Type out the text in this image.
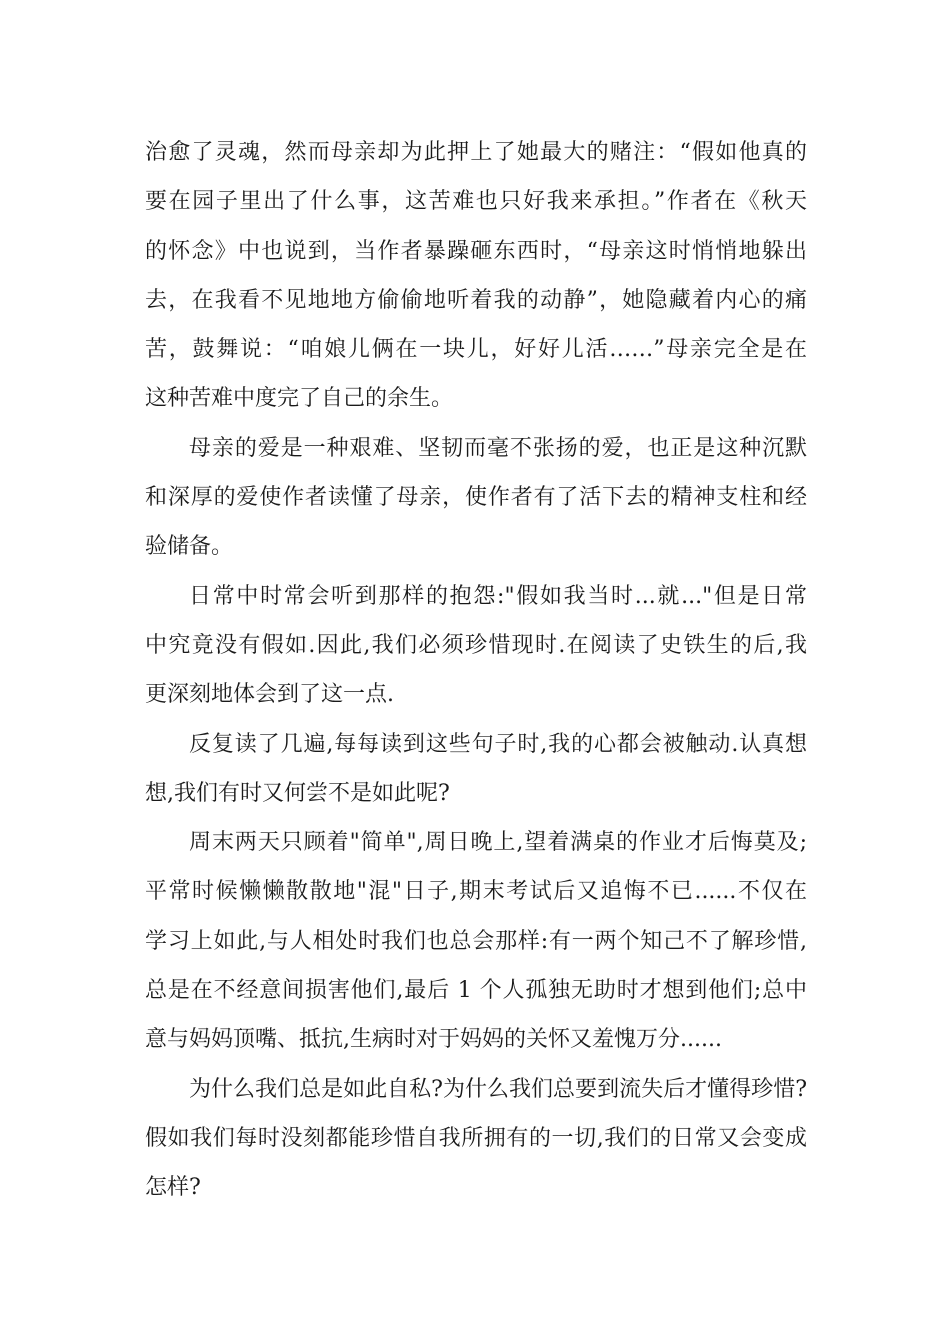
治愈了灵魂，然而母亲却为此押上了她最大的赌注：“假如他真的
要在园子里出了什么事，这苦难也只好我来承担。”作者在《秋天
的怀念》中也说到，当作者暴躁砸东西时，“母亲这时悄悄地躲出
去，在我看不见地地方偷偷地听着我的动静”，她隐藏着内心的痛
苦，鼓舞说：“咱娘儿俩在一块儿，好好儿活……”母亲完全是在
这种苦难中度完了自己的余生。
母亲的爱是一种艰难、坚韧而毫不张扬的爱，也正是这种沉默
和深厚的爱使作者读懂了母亲，使作者有了活下去的精神支柱和经
验储备。
日常中时常会听到那样的抱怨:"假如我当时...就..."但是日常
中究竟没有假如.因此,我们必须珍惜现时.在阅读了史铁生的后,我
更深刻地体会到了这一点.
反复读了几遍,每每读到这些句子时,我的心都会被触动.认真想
想,我们有时又何尝不是如此呢?
周末两天只顾着"简单",周日晚上,望着满桌的作业才后悔莫及;
平常时候懒懒散散地"混"日子,期末考试后又追悔不已......不仅在
学习上如此,与人相处时我们也总会那样:有一两个知己不了解珍惜,
总是在不经意间损害他们,最后 1 个人孤独无助时才想到他们;总中
意与妈妈顶嘴、抵抗,生病时对于妈妈的关怀又羞愧万分......
为什么我们总是如此自私?为什么我们总要到流失后才懂得珍惜?
假如我们每时没刻都能珍惜自我所拥有的一切,我们的日常又会变成
怎样?
